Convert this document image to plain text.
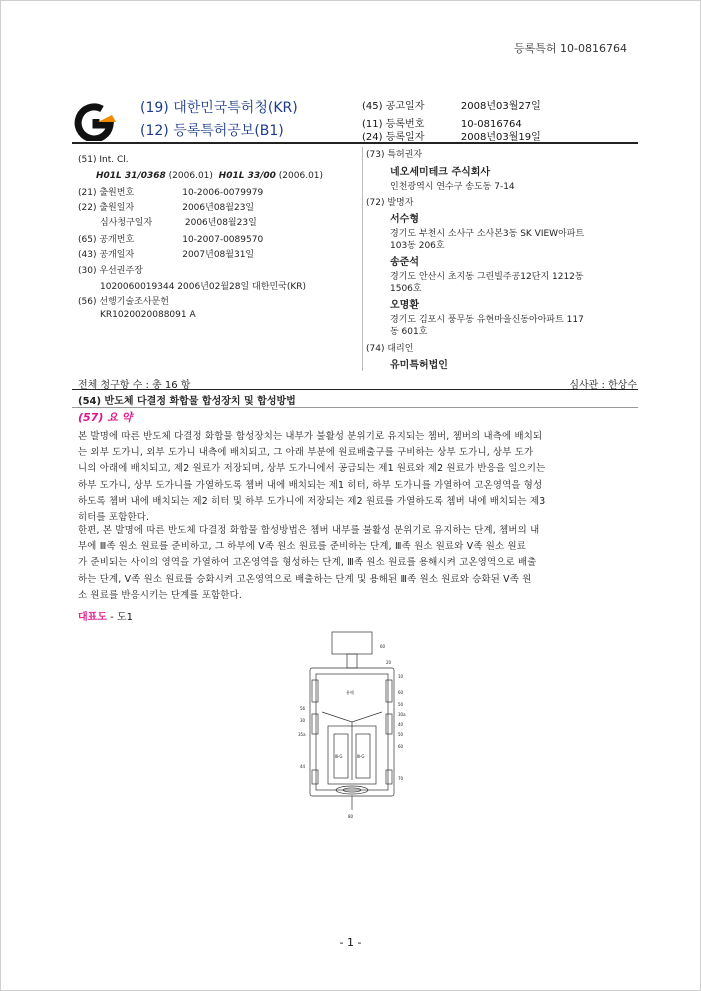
등록특허 10-0816764
(19) 대한민국특허청(KR)
(12) 등록특허공보(B1)
(45) 공고일자	2008년03월27일
(11) 등록번호	10-0816764
(24) 등록일자	2008년03월19일
(51) Int. Cl.
H01L 31/0368 (2006.01) H01L 33/00 (2006.01)
(21) 출원번호	10-2006-0079979
(22) 출원일자	2006년08월23일
심사청구일자	2006년08월23일
(65) 공개번호	10-2007-0089570
(43) 공개일자	2007년08월31일
(30) 우선권주장
1020060019344 2006년02월28일 대한민국(KR)
(56) 선행기술조사문헌
KR1020020088091 A
(73) 특허권자
네오세미테크 주식회사
인천광역시 연수구 송도동 7-14
(72) 발명자
서수형
경기도 부천시 소사구 소사본3동 SK VIEW아파트
103동 206호
송준석
경기도 안산시 초지동 그린빌주공12단지 1212동
1506호
오명환
경기도 김포시 풍무동 유현마을신동아아파트 117
동 601호
(74) 대리인
유미특허법인
전체 청구항 수 : 총 16 항	심사관 : 한상수
(54) 반도체 다결정 화합물 합성장치 및 합성방법
(57) 요 약
본 발명에 따른 반도체 다결정 화합물 합성장치는 내부가 불활성 분위기로 유지되는 쳄버, 쳄버의 내측에 배치되
는 외부 도가니, 외부 도가니 내측에 배치되고, 그 아래 부분에 원료배출구를 구비하는 상부 도가니, 상부 도가
니의 아래에 배치되고, 제2 원료가 저장되며, 상부 도가니에서 공급되는 제1 원료와 제2 원료가 반응을 일으키는
하부 도가니, 상부 도가니를 가열하도록 쳄버 내에 배치되는 제1 히터, 하부 도가니를 가열하여 고온영역을 형성
하도록 쳄버 내에 배치되는 제2 히터 및 하부 도가니에 저장되는 제2 원료를 가열하도록 쳄버 내에 배치되는 제3
히터를 포함한다.
한편, 본 발명에 따른 반도체 다결정 화합물 합성방법은 쳄버 내부를 불활성 분위기로 유지하는 단계, 쳄버의 내
부에 Ⅲ족 원소 원료를 준비하고, 그 하부에 Ⅴ족 원소 원료를 준비하는 단계, Ⅲ족 원소 원료와 Ⅴ족 원소 원료
가 준비되는 사이의 영역을 가열하여 고온영역을 형성하는 단계, Ⅲ족 원소 원료를 용해시켜 고온영역으로 배출
하는 단계, Ⅴ족 원소 원료를 승화시켜 고온영역으로 배출하는 단계 및 용해된 Ⅲ족 원소 원료와 승화된 Ⅴ족 원
소 원료를 반응시키는 단계를 포함한다.
대표도 - 도1
용해
Ⅲ-G	Ⅲ-G
60
20
10
60
50
30a
40
50
60
70
56
30
35a
44
80
- 1 -
